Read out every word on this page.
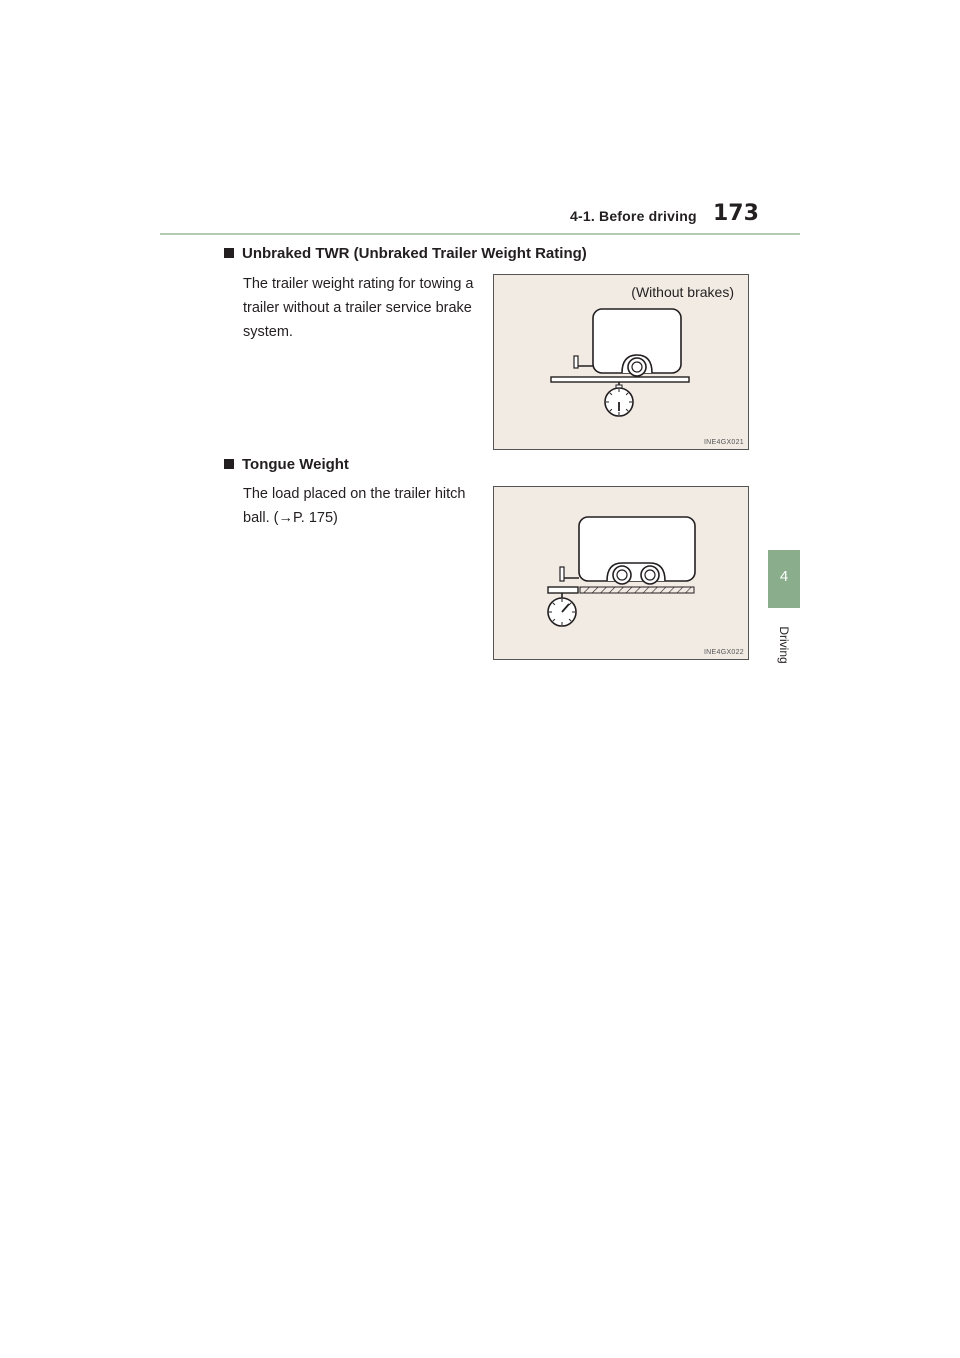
4-1. Before driving 173
4
Driving
Unbraked TWR (Unbraked Trailer Weight Rating)
The trailer weight rating for towing a
trailer without a trailer service brake
system.
(Without brakes)
INE4GX021
Tongue Weight
The load placed on the trailer hitch
ball. (→P. 175)
INE4GX022
